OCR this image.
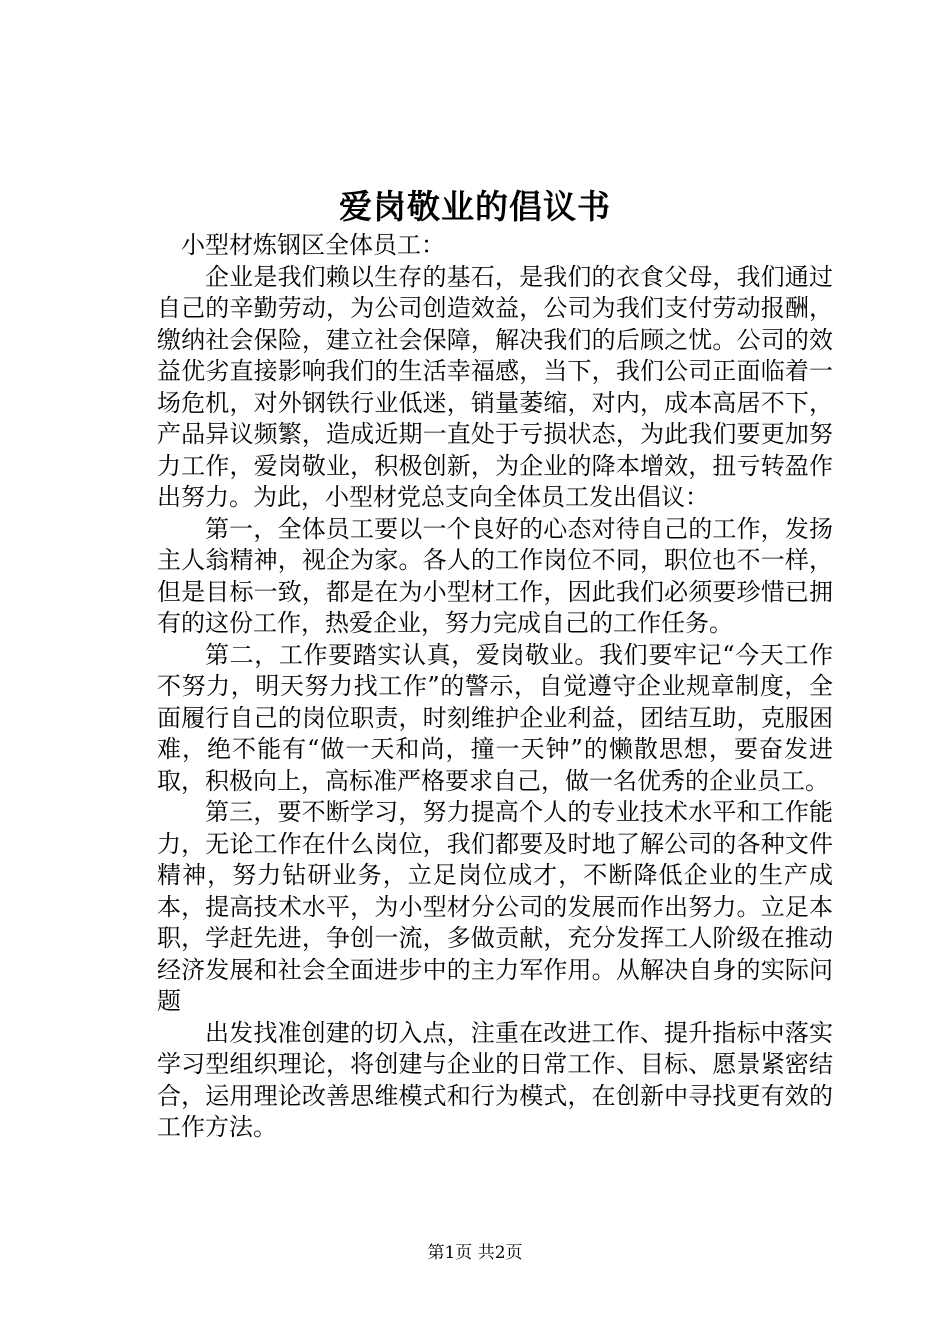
爱岗敬业的倡议书

小型材炼钢区全体员工：

企业是我们赖以生存的基石，是我们的衣食父母，我们通过自己的辛勤劳动，为公司创造效益，公司为我们支付劳动报酬，缴纳社会保险，建立社会保障，解决我们的后顾之忧。公司的效益优劣直接影响我们的生活幸福感，当下，我们公司正面临着一场危机，对外钢铁行业低迷，销量萎缩，对内，成本高居不下，产品异议频繁，造成近期一直处于亏损状态，为此我们要更加努力工作，爱岗敬业，积极创新，为企业的降本增效，扭亏转盈作出努力。为此，小型材党总支向全体员工发出倡议：

第一，全体员工要以一个良好的心态对待自己的工作，发扬主人翁精神，视企为家。各人的工作岗位不同，职位也不一样，但是目标一致，都是在为小型材工作，因此我们必须要珍惜已拥有的这份工作，热爱企业，努力完成自己的工作任务。

第二，工作要踏实认真，爱岗敬业。我们要牢记“今天工作不努力，明天努力找工作”的警示，自觉遵守企业规章制度，全面履行自己的岗位职责，时刻维护企业利益，团结互助，克服困难，绝不能有“做一天和尚，撞一天钟”的懒散思想，要奋发进取，积极向上，高标准严格要求自己，做一名优秀的企业员工。

第三，要不断学习，努力提高个人的专业技术水平和工作能力，无论工作在什么岗位，我们都要及时地了解公司的各种文件精神，努力钻研业务，立足岗位成才，不断降低企业的生产成本，提高技术水平，为小型材分公司的发展而作出努力。立足本职，学赶先进，争创一流，多做贡献，充分发挥工人阶级在推动经济发展和社会全面进步中的主力军作用。从解决自身的实际问题

出发找准创建的切入点，注重在改进工作、提升指标中落实学习型组织理论，将创建与企业的日常工作、目标、愿景紧密结合，运用理论改善思维模式和行为模式，在创新中寻找更有效的工作方法。

第1页 共2页
